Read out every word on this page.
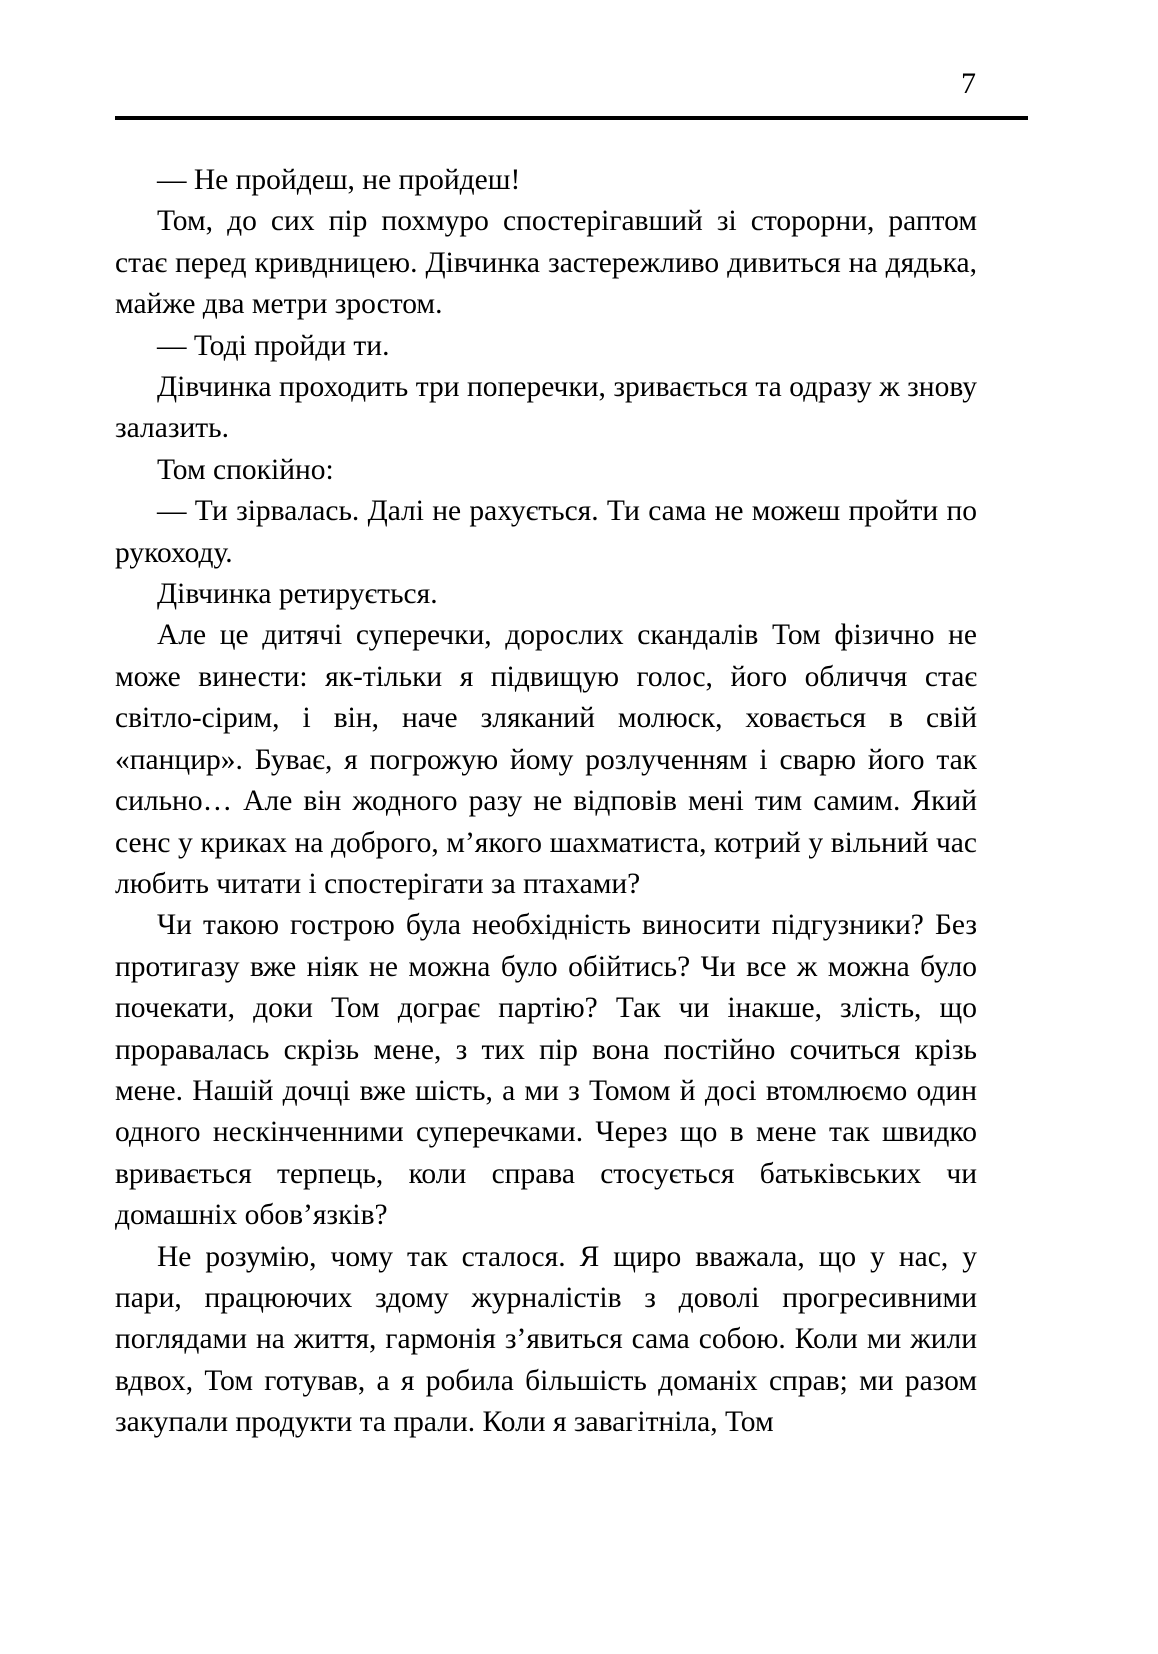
7

— Не пройдеш, не пройдеш!

Том, до сих пір похмуро спостерігавший зі сторорни, раптом стає перед кривдницею. Дівчинка застережливо дивиться на дядька, майже два метри зростом.

— Тоді пройди ти.

Дівчинка проходить три поперечки, зривається та одразу ж знову залазить.

Том спокійно:

— Ти зірвалась. Далі не рахується. Ти сама не можеш пройти по рукоходу.

Дівчинка ретирується.

Але це дитячі суперечки, дорослих скандалів Том фізично не може винести: як-тільки я підвищую голос, його обличчя стає світло-сірим, і він, наче зляканий молюск, ховається в свій «панцир». Буває, я погрожую йому розлученням і сварю його так сильно… Але він жодного разу не відповів мені тим самим. Який сенс у криках на доброго, м’якого шахматиста, котрий у вільний час любить читати і спостерігати за птахами?

Чи такою гострою була необхідність виносити підгузники? Без протигазу вже ніяк не можна було обійтись? Чи все ж можна було почекати, доки Том дограє партію? Так чи інакше, злість, що проравалась скрізь мене, з тих пір вона постійно сочиться крізь мене. Нашій дочці вже шість, а ми з Томом й досі втомлюємо один одного нескінченними суперечками. Через що в мене так швидко вривається терпець, коли справа стосується батьківських чи домашніх обов’язків?

Не розумію, чому так сталося. Я щиро вважала, що у нас, у пари, працюючих здому журналістів з доволі прогресивними поглядами на життя, гармонія з’явиться сама собою. Коли ми жили вдвох, Том готував, а я робила більшість доманіх справ; ми разом закупали продукти та прали. Коли я завагітніла, Том
